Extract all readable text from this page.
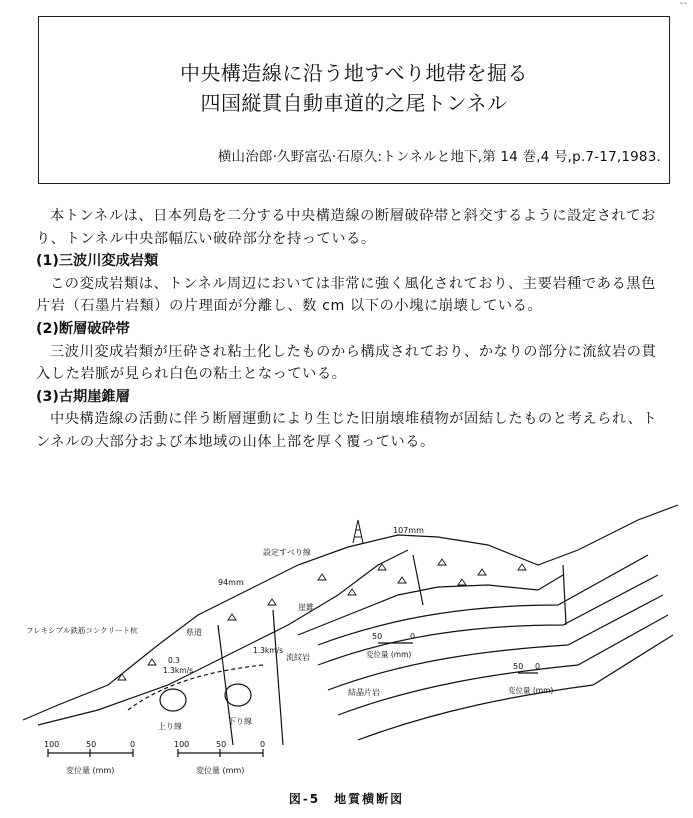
--
中央構造線に沿う地すべり地帯を掘る
四国縦貫自動車道的之尾トンネル
横山治郎·久野富弘·石原久:トンネルと地下,第 14 巻,4 号,p.7-17,1983.

本トンネルは、日本列島を二分する中央構造線の断層破砕帯と斜交するように設定されており、トンネル中央部幅広い破砕部分を持っている。

(1)三波川変成岩類

この変成岩類は、トンネル周辺においては非常に強く風化されており、主要岩種である黒色片岩（石墨片岩類）の片理面が分離し、数 cm 以下の小塊に崩壊している。

(2)断層破砕帯

三波川変成岩類が圧砕され粘土化したものから構成されており、かなりの部分に流紋岩の貫入した岩脈が見られ白色の粘土となっている。

(3)古期崖錐層

中央構造線の活動に伴う断層運動により生じた旧崩壊堆積物が固結したものと考えられ、トンネルの大部分および本地域の山体上部を厚く覆っている。

設定すべり線
107mm
94mm
フレキシブル鉄筋コンクリート杭
0.3
1.3km/s
1.3km/s
県道
崖錐
流紋岩
上り線
下り線
結晶片岩
100	50	0
変位量 (mm)
100	50	0
変位量 (mm)
50	0
変位量 (mm)
50 0
変位量 (mm)
図-5　地質横断図
